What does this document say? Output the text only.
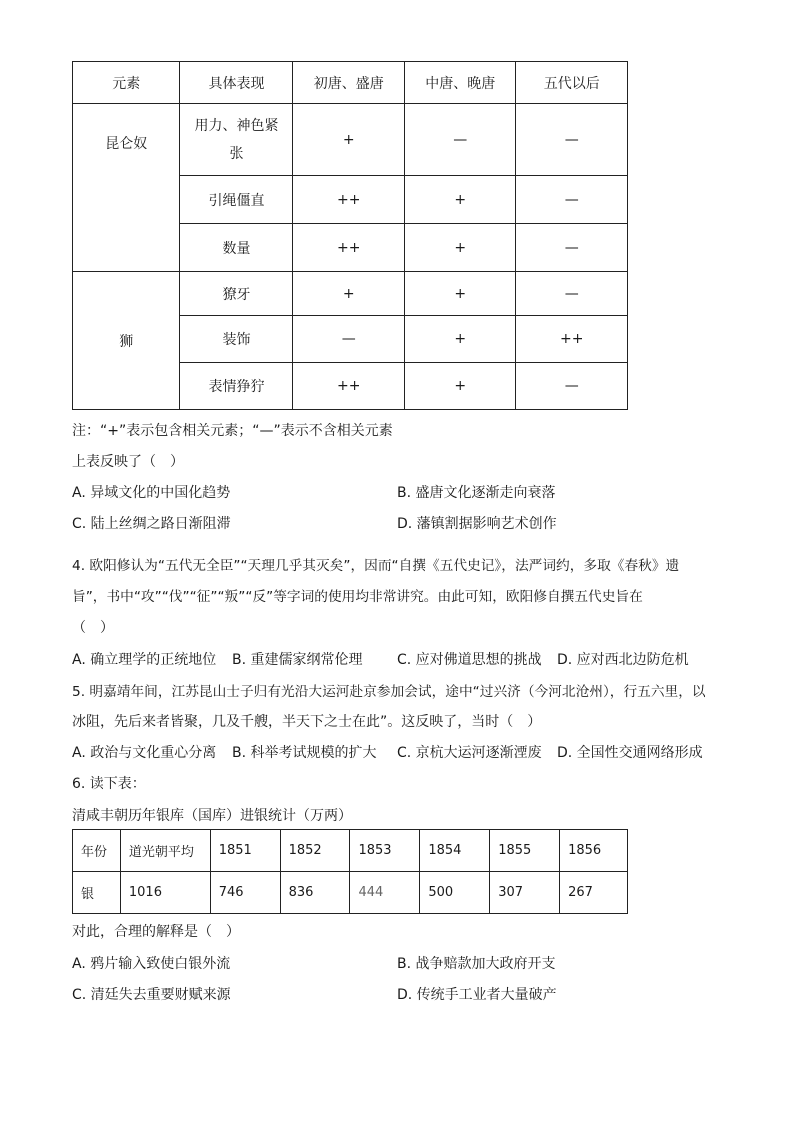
元素	具体表现	初唐、盛唐	中唐、晚唐	五代以后
昆仑奴	用力、神色紧张	+	—	—
	引绳僵直	++	+	—
	数量	++	+	—
狮	獠牙	+	+	—
	装饰	—	+	++
	表情狰狞	++	+	—
注：“+”表示包含相关元素；“—”表示不含相关元素
上表反映了（　）
A. 异域文化的中国化趋势	B. 盛唐文化逐渐走向衰落
C. 陆上丝绸之路日渐阻滞	D. 藩镇割据影响艺术创作
4. 欧阳修认为“五代无全臣”“天理几乎其灭矣”，因而“自撰《五代史记》，法严词约，多取《春秋》遗
旨”，书中“攻”“伐”“征”“叛”“反”等字词的使用均非常讲究。由此可知，欧阳修自撰五代史旨在
（　）
A. 确立理学的正统地位 B. 重建儒家纲常伦理 C. 应对佛道思想的挑战 D. 应对西北边防危机
5. 明嘉靖年间，江苏昆山士子归有光沿大运河赴京参加会试，途中“过兴济（今河北沧州），行五六里，以
冰阻，先后来者皆聚，几及千艘，半天下之士在此”。这反映了，当时（　）
A. 政治与文化重心分离 B. 科举考试规模的扩大 C. 京杭大运河逐渐湮废 D. 全国性交通网络形成
6. 读下表：
清咸丰朝历年银库（国库）进银统计（万两）
年份	道光朝平均	1851	1852	1853	1854	1855	1856
银	1016	746	836	444	500	307	267
对此，合理的解释是（　）
A. 鸦片输入致使白银外流	B. 战争赔款加大政府开支
C. 清廷失去重要财赋来源	D. 传统手工业者大量破产
